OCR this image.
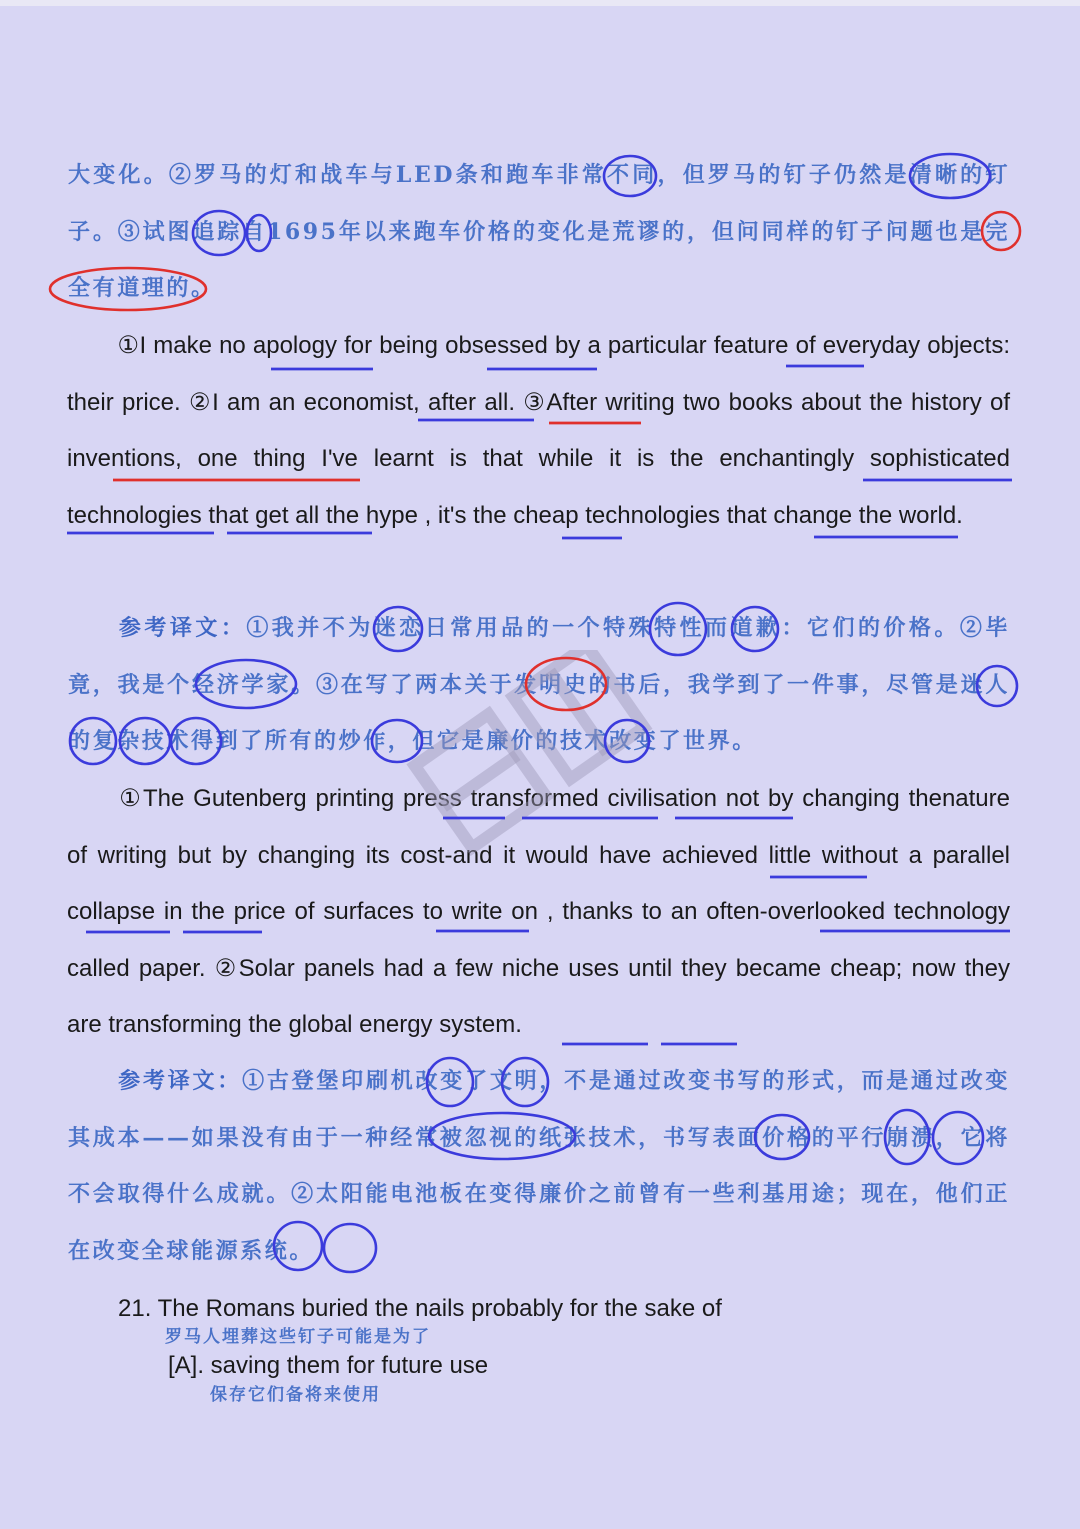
大变化。②罗马的灯和战车与LED条和跑车非常不同，但罗马的钉子仍然是清晰的钉子。③试图追踪自1695年以来跑车价格的变化是荒谬的，但问同样的钉子问题也是完全有道理的。

①I make no apology for being obsessed by a particular feature of everyday objects: their price. ②I am an economist, after all. ③After writing two books about the history of inventions, one thing I've learnt is that while it is the enchantingly sophisticated technologies that get all the hype , it's the cheap technologies that change the world.

参考译文：①我并不为迷恋日常用品的一个特殊特性而道歉：它们的价格。②毕竟，我是个经济学家。③在写了两本关于发明史的书后，我学到了一件事，尽管是迷人的复杂技术得到了所有的炒作，但它是廉价的技术改变了世界。

①The Gutenberg printing press transformed civilisation not by changing thenature of writing but by changing its cost-and it would have achieved little without a parallel collapse in the price of surfaces to write on , thanks to an often-overlooked technology called paper. ②Solar panels had a few niche uses until they became cheap; now they are transforming the global energy system.

参考译文：①古登堡印刷机改变了文明，不是通过改变书写的形式，而是通过改变其成本——如果没有由于一种经常被忽视的纸张技术，书写表面价格的平行崩溃，它将不会取得什么成就。②太阳能电池板在变得廉价之前曾有一些利基用途；现在，他们正在改变全球能源系统。

21. The Romans buried the nails probably for the sake of

罗马人埋葬这些钉子可能是为了

[A]. saving them for future use

保存它们备将来使用
